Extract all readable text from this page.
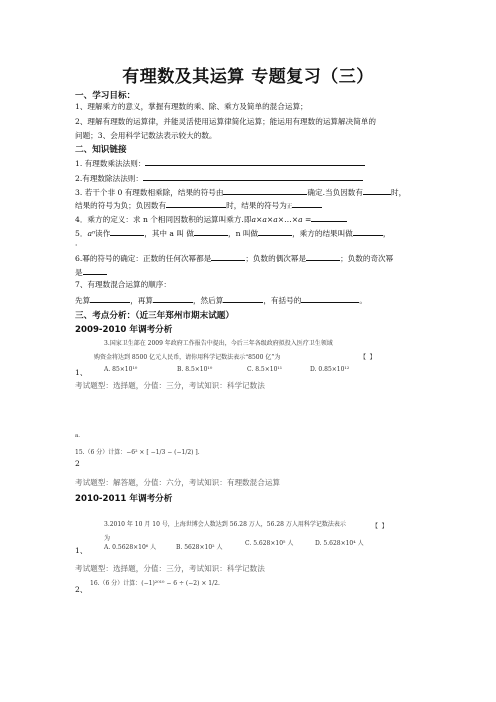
有理数及其运算 专题复习（三）
一、学习目标：
1、理解乘方的意义，掌握有理数的乘、除、乘方及简单的混合运算；
2、理解有理数的运算律，并能灵活使用运算律简化运算；能运用有理数的运算解决简单的
问题；3、会用科学记数法表示较大的数。
二、知识链接
1. 有理数乘法法则：
2.有理数除法法则：
3. 若干个非 0 有理数相乘除，结果的符号由	确定.当负因数有	时，
结果的符号为负；负因数有	时，结果的符号为正
4．乘方的定义：求 n 个相同因数积的运算叫乘方.即a×a×a×…×a =
5．aⁿ读作	，其中 a 叫 做	，n 叫做	，乘方的结果叫做	，
．
6.幂的符号的确定：正数的任何次幂都是	；负数的偶次幂是	；负数的奇次幂
是
7、有理数混合运算的顺序：
先算	，再算	，然后算	，有括号的	。
三、考点分析：（近三年郑州市期末试题）
2009-2010 年调考分析
3.国家卫生部在 2009 年政府工作报告中提出，今后三年各级政府拟投入医疗卫生领域
购资金将达到 8500 亿元人民币，请你用科学记数法表示“8500 亿”为	【 】
1、	A. 85×10¹⁰	B. 8.5×10¹⁰	C. 8.5×10¹¹	D. 0.85×10¹²
考试题型：选择题，分值：三分，考试知识：科学记数法
a.
15.（6 分）计算：−6² × [ −1/3 − (−1/2) ].
2
考试题型：解答题，分值：六分，考试知识：有理数混合运算
2010-2011 年调考分析
3.2010 年 10 月 10 号，上海世博会人数达到 56.28 万人，56.28 万人用科学记数法表示	【 】
为
1、	A. 0.5628×10⁶ 人	B. 5628×10² 人
C. 5.628×10⁵ 人	D. 5.628×10⁴ 人
考试题型：选择题，分值：三分，考试知识：科学记数法
16.（6 分）计算：(−1)²⁰¹⁰ − 6 ÷ (−2) × 1/2.
2、
